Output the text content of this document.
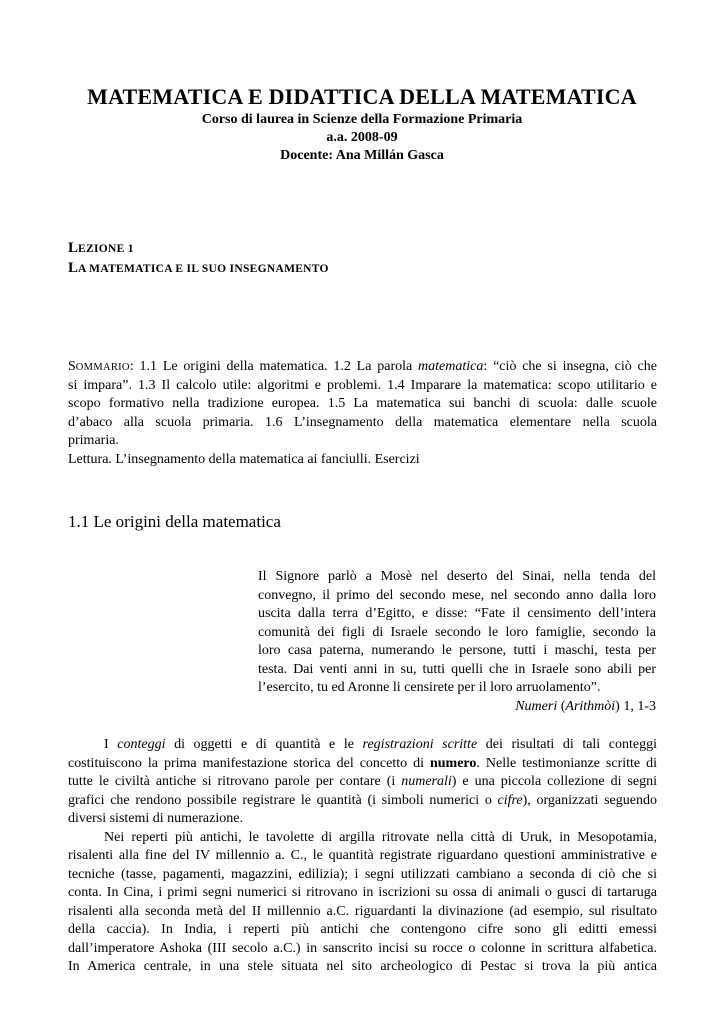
MATEMATICA E DIDATTICA DELLA MATEMATICA
Corso di laurea in Scienze della Formazione Primaria
a.a. 2008-09
Docente: Ana Millán Gasca
LEZIONE 1
LA MATEMATICA E IL SUO INSEGNAMENTO
SOMMARIO: 1.1 Le origini della matematica. 1.2 La parola matematica: “ciò che si insegna, ciò che
si impara”. 1.3 Il calcolo utile: algoritmi e problemi. 1.4 Imparare la matematica: scopo utilitario e
scopo formativo nella tradizione europea. 1.5 La matematica sui banchi di scuola: dalle scuole
d’abaco alla scuola primaria. 1.6 L’insegnamento della matematica elementare nella scuola
primaria.
Lettura. L’insegnamento della matematica ai fanciulli. Esercizi
1.1 Le origini della matematica
Il Signore parlò a Mosè nel deserto del Sinai, nella tenda del
convegno, il primo del secondo mese, nel secondo anno dalla loro
uscita dalla terra d’Egitto, e disse: “Fate il censimento dell’intera
comunità dei figli di Israele secondo le loro famiglie, secondo la
loro casa paterna, numerando le persone, tutti i maschi, testa per
testa. Dai venti anni in su, tutti quelli che in Israele sono abili per
l’esercito, tu ed Aronne li censirete per il loro arruolamento”.
Numeri (Arithmòi) 1, 1-3
I conteggi di oggetti e di quantità e le registrazioni scritte dei risultati di tali conteggi
costituiscono la prima manifestazione storica del concetto di numero. Nelle testimonianze scritte di
tutte le civiltà antiche si ritrovano parole per contare (i numerali) e una piccola collezione di segni
grafici che rendono possibile registrare le quantità (i simboli numerici o cifre), organizzati seguendo
diversi sistemi di numerazione.
Nei reperti più antichi, le tavolette di argilla ritrovate nella città di Uruk, in Mesopotamia,
risalenti alla fine del IV millennio a. C., le quantità registrate riguardano questioni amministrative e
tecniche (tasse, pagamenti, magazzini, edilizia); i segni utilizzati cambiano a seconda di ciò che si
conta. In Cina, i primi segni numerici si ritrovano in iscrizioni su ossa di animali o gusci di tartaruga
risalenti alla seconda metà del II millennio a.C. riguardanti la divinazione (ad esempio, sul risultato
della caccia). In India, i reperti più antichi che contengono cifre sono gli editti emessi
dall’imperatore Ashoka (III secolo a.C.) in sanscrito incisi su rocce o colonne in scrittura alfabetica.
In America centrale, in una stele situata nel sito archeologico di Pestac si trova la più antica
